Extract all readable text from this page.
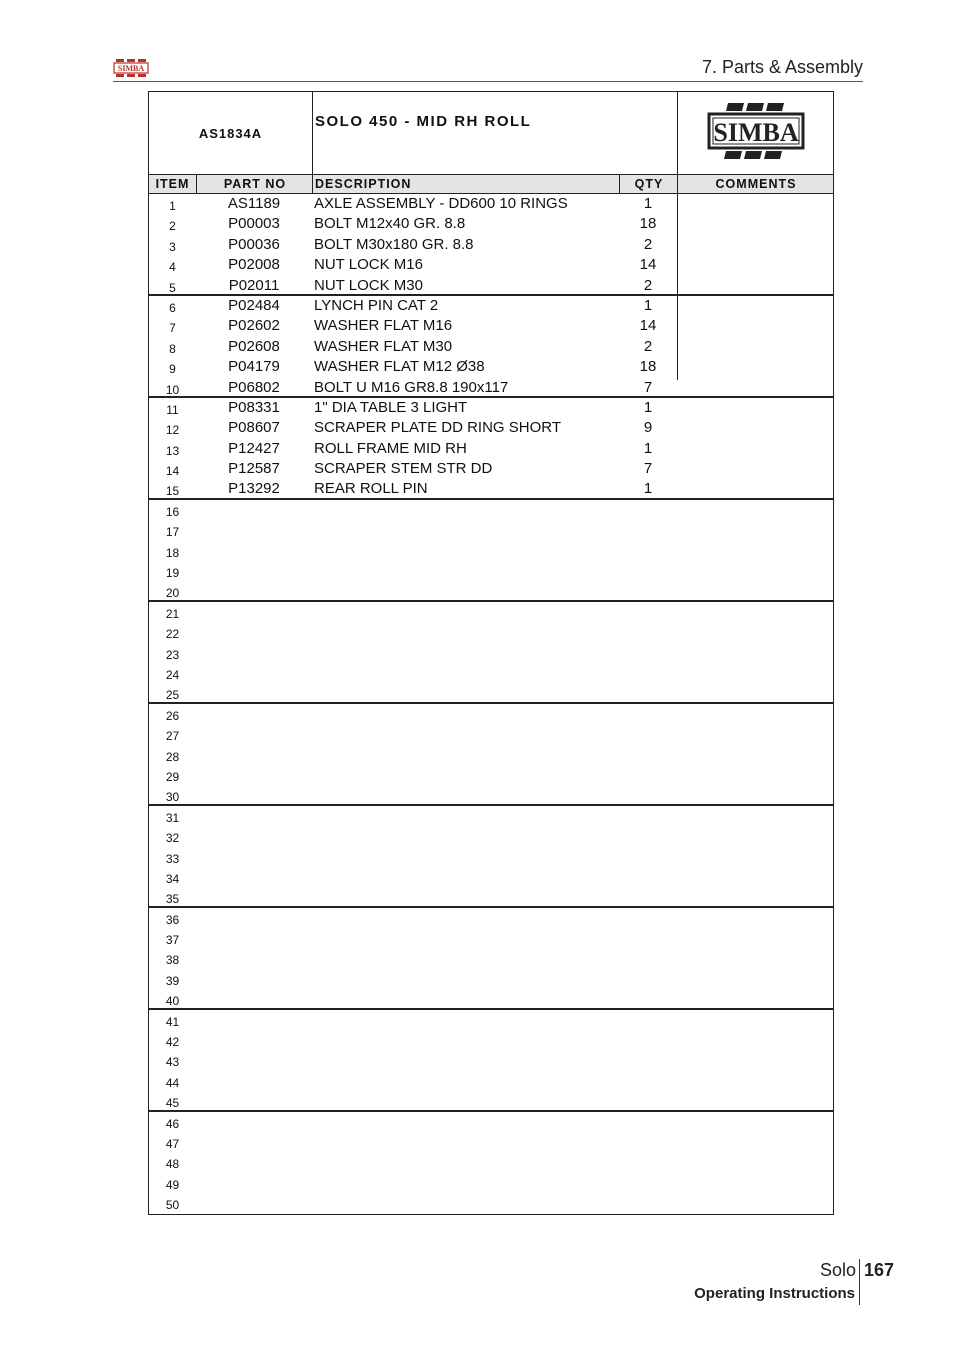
SIMBA	7. Parts & Assembly
AS1834A
SOLO 450 - MID RH ROLL	SIMBA
ITEM	PART NO	DESCRIPTION	QTY	COMMENTS
1	AS1189	AXLE ASSEMBLY - DD600 10 RINGS	1
2	P00003	BOLT M12x40 GR. 8.8	18
3	P00036	BOLT M30x180 GR. 8.8	2
4	P02008	NUT LOCK M16	14
5	P02011	NUT LOCK M30	2
6	P02484	LYNCH PIN CAT 2	1
7	P02602	WASHER FLAT M16	14
8	P02608	WASHER FLAT M30	2
9	P04179	WASHER FLAT M12 Ø38	18
10	P06802	BOLT U M16 GR8.8 190x117	7
11	P08331	1" DIA TABLE 3 LIGHT	1
12	P08607	SCRAPER PLATE DD RING SHORT	9
13	P12427	ROLL FRAME MID RH	1
14	P12587	SCRAPER STEM STR DD	7
15	P13292	REAR ROLL PIN	1
16
17
18
19
20
21
22
23
24
25
26
27
28
29
30
31
32
33
34
35
36
37
38
39
40
41
42
43
44
45
46
47
48
49
50
Solo 167
Operating Instructions
